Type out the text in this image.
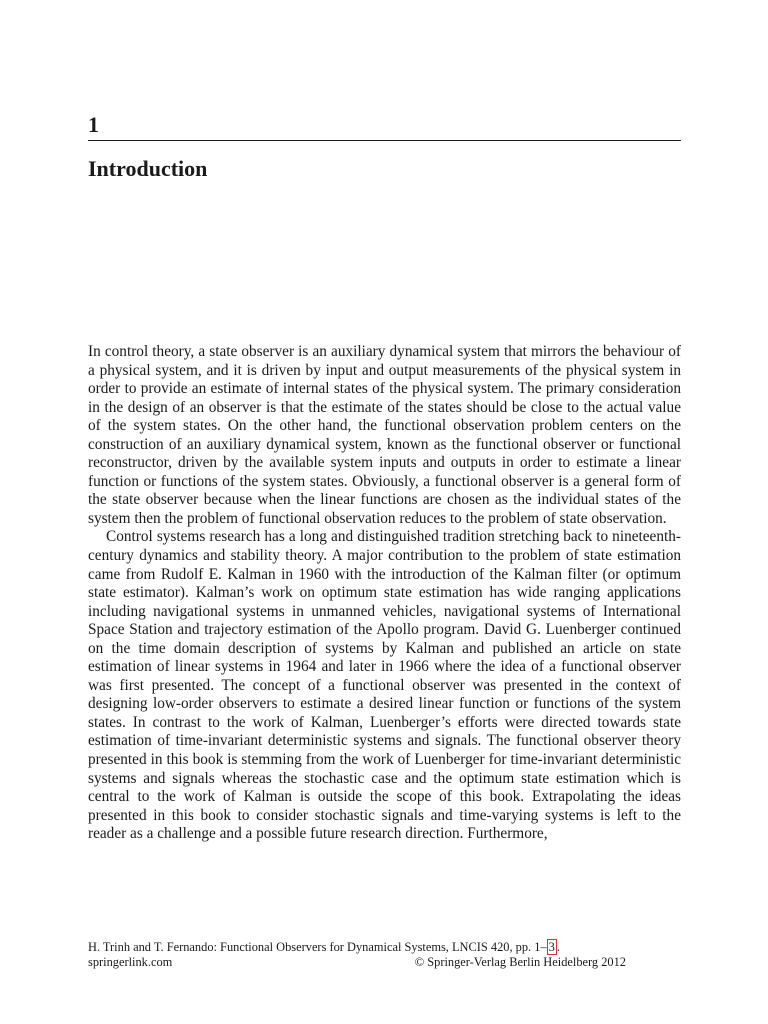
1
Introduction

In control theory, a state observer is an auxiliary dynamical system that mirrors the behaviour of a physical system, and it is driven by input and output measurements of the physical system in order to provide an estimate of internal states of the physical system. The primary consideration in the design of an observer is that the estimate of the states should be close to the actual value of the system states. On the other hand, the functional observation problem centers on the construction of an auxiliary dynamical system, known as the functional observer or functional reconstructor, driven by the available system inputs and outputs in order to estimate a linear function or functions of the system states. Obviously, a functional observer is a general form of the state observer because when the linear functions are chosen as the individual states of the system then the problem of functional observation reduces to the problem of state observation.

Control systems research has a long and distinguished tradition stretching back to nineteenth-century dynamics and stability theory. A major contribution to the problem of state estimation came from Rudolf E. Kalman in 1960 with the introduction of the Kalman filter (or optimum state estimator). Kalman’s work on optimum state estimation has wide ranging applications including navigational systems in unmanned vehicles, navigational systems of International Space Station and trajectory estimation of the Apollo program. David G. Luenberger continued on the time domain description of systems by Kalman and published an article on state estimation of linear systems in 1964 and later in 1966 where the idea of a functional observer was first presented. The concept of a functional observer was presented in the context of designing low-order observers to estimate a desired linear function or functions of the system states. In contrast to the work of Kalman, Luenberger’s efforts were directed towards state estimation of time-invariant deterministic systems and signals. The functional observer theory presented in this book is stemming from the work of Luenberger for time-invariant deterministic systems and signals whereas the stochastic case and the optimum state estimation which is central to the work of Kalman is outside the scope of this book. Extrapolating the ideas presented in this book to consider stochastic signals and time-varying systems is left to the reader as a challenge and a possible future research direction. Furthermore,

H. Trinh and T. Fernando: Functional Observers for Dynamical Systems, LNCIS 420, pp. 1– 3 .
springerlink.com	© Springer-Verlag Berlin Heidelberg 2012
